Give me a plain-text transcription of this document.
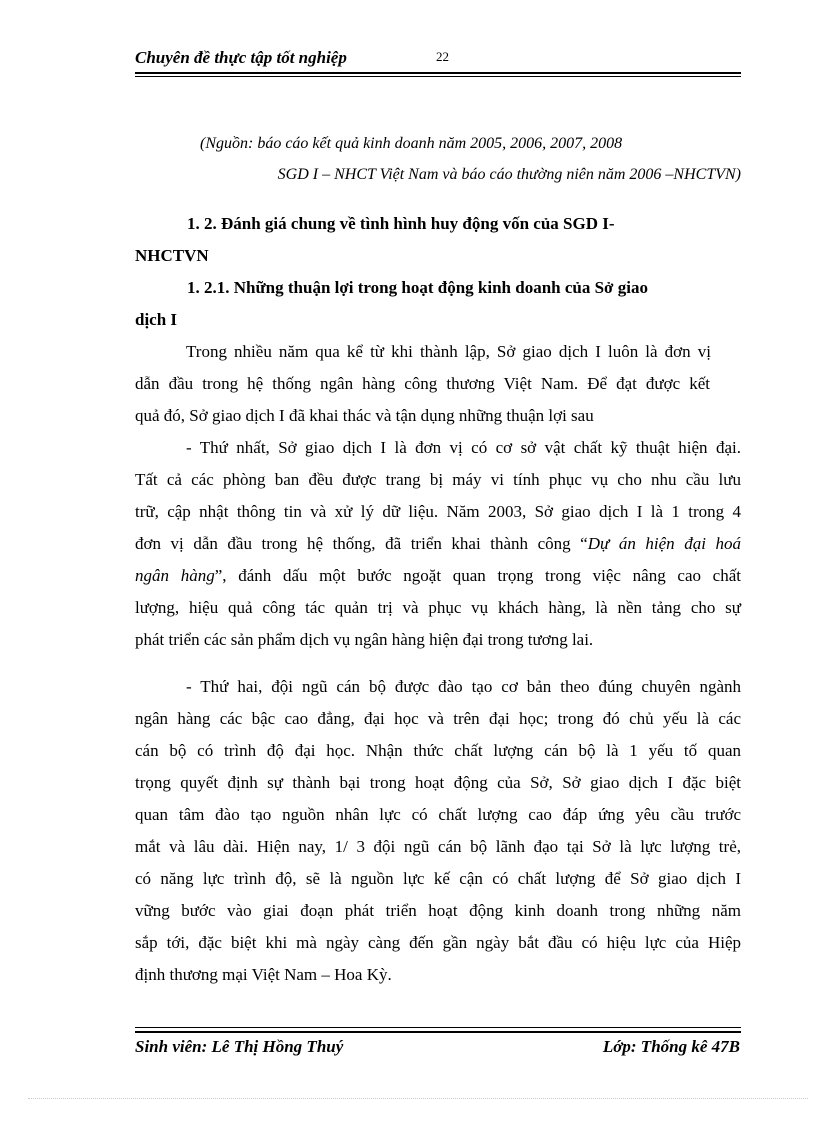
Chuyên đề thực tập tốt nghiệp	22
(Nguồn: báo cáo kết quả kinh doanh năm 2005, 2006, 2007, 2008
SGD I – NHCT Việt Nam và báo cáo thường niên năm 2006 –NHCTVN)
1. 2. Đánh giá chung về tình hình huy động vốn của SGD I-
NHCTVN
1. 2.1. Những thuận lợi trong hoạt động kinh doanh của Sở giao
dịch I
Trong nhiều năm qua kể từ khi thành lập, Sở giao dịch I luôn là đơn vị
dẫn đầu trong hệ thống ngân hàng công thương Việt Nam. Để đạt được kết
quả đó, Sở giao dịch I đã khai thác và tận dụng những thuận lợi sau
- Thứ nhất, Sở giao dịch I là đơn vị có cơ sở vật chất kỹ thuật hiện đại.
Tất cả các phòng ban đều được trang bị máy vi tính phục vụ cho nhu cầu lưu
trữ, cập nhật thông tin và xử lý dữ liệu. Năm 2003, Sở giao dịch I là 1 trong 4
đơn vị dẫn đầu trong hệ thống, đã triển khai thành công “Dự án hiện đại hoá
ngân hàng”, đánh dấu một bước ngoặt quan trọng trong việc nâng cao chất
lượng, hiệu quả công tác quản trị và phục vụ khách hàng, là nền tảng cho sự
phát triển các sản phẩm dịch vụ ngân hàng hiện đại trong tương lai.
- Thứ hai, đội ngũ cán bộ được đào tạo cơ bản theo đúng chuyên ngành
ngân hàng các bậc cao đẳng, đại học và trên đại học; trong đó chủ yếu là các
cán bộ có trình độ đại học. Nhận thức chất lượng cán bộ là 1 yếu tố quan
trọng quyết định sự thành bại trong hoạt động của Sở, Sở giao dịch I đặc biệt
quan tâm đào tạo nguồn nhân lực có chất lượng cao đáp ứng yêu cầu trước
mắt và lâu dài. Hiện nay, 1/ 3 đội ngũ cán bộ lãnh đạo tại Sở là lực lượng trẻ,
có năng lực trình độ, sẽ là nguồn lực kế cận có chất lượng để Sở giao dịch I
vững bước vào giai đoạn phát triển hoạt động kinh doanh trong những năm
sắp tới, đặc biệt khi mà ngày càng đến gần ngày bắt đầu có hiệu lực của Hiệp
định thương mại Việt Nam – Hoa Kỳ.
Sinh viên: Lê Thị Hồng Thuý	Lớp: Thống kê 47B
